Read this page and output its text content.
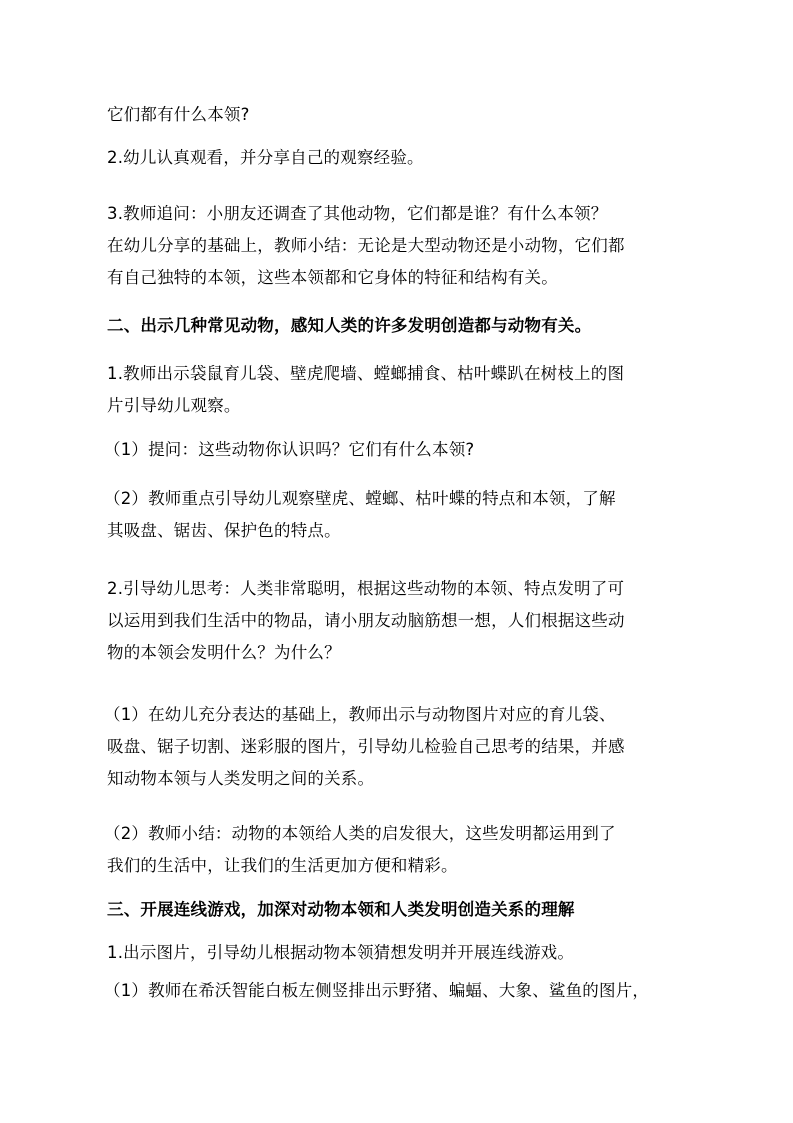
它们都有什么本领?
2.幼儿认真观看，并分享自己的观察经验。
3.教师追问：小朋友还调查了其他动物，它们都是谁？有什么本领？
在幼儿分享的基础上，教师小结：无论是大型动物还是小动物，它们都
有自己独特的本领，这些本领都和它身体的特征和结构有关。
二、出示几种常见动物，感知人类的许多发明创造都与动物有关。
1.教师出示袋鼠育儿袋、壁虎爬墙、螳螂捕食、枯叶蝶趴在树枝上的图
片引导幼儿观察。
（1）提问：这些动物你认识吗？它们有什么本领?
（2）教师重点引导幼儿观察壁虎、螳螂、枯叶蝶的特点和本领，了解
其吸盘、锯齿、保护色的特点。
2.引导幼儿思考：人类非常聪明，根据这些动物的本领、特点发明了可
以运用到我们生活中的物品，请小朋友动脑筋想一想，人们根据这些动
物的本领会发明什么？为什么？
（1）在幼儿充分表达的基础上，教师出示与动物图片对应的育儿袋、
吸盘、锯子切割、迷彩服的图片，引导幼儿检验自己思考的结果，并感
知动物本领与人类发明之间的关系。
（2）教师小结：动物的本领给人类的启发很大，这些发明都运用到了
我们的生活中，让我们的生活更加方便和精彩。
三、开展连线游戏，加深对动物本领和人类发明创造关系的理解
1.出示图片，引导幼儿根据动物本领猜想发明并开展连线游戏。
（1）教师在希沃智能白板左侧竖排出示野猪、蝙蝠、大象、鲨鱼的图片，
